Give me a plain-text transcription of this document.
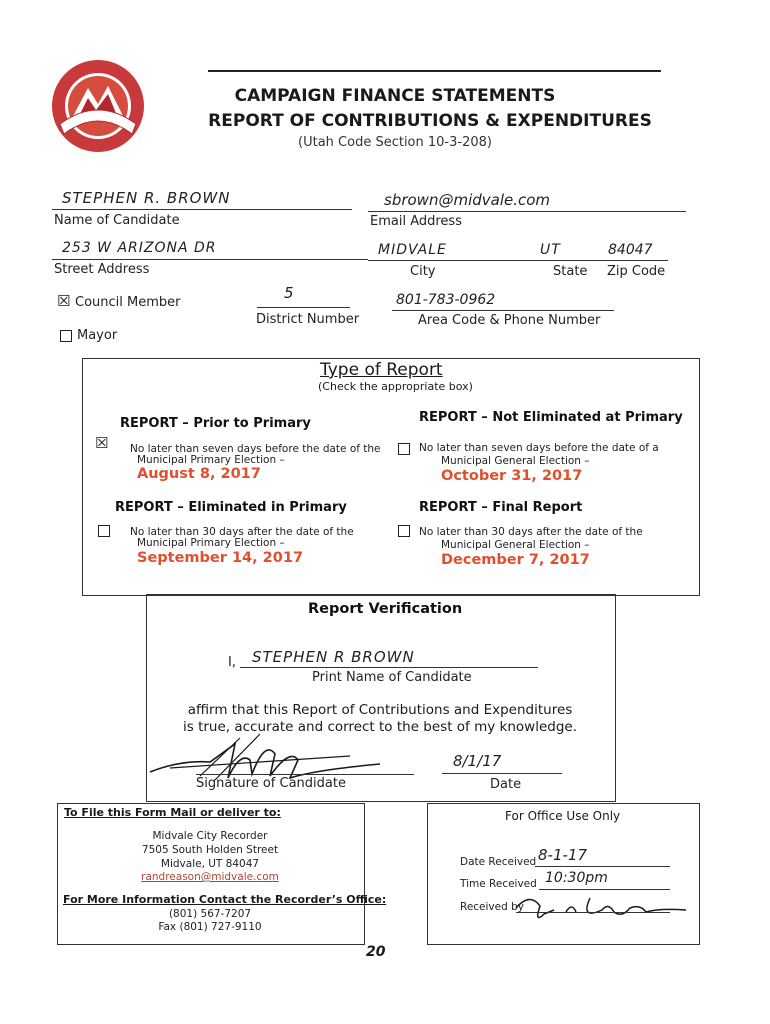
CAMPAIGN FINANCE STATEMENTS
REPORT OF CONTRIBUTIONS & EXPENDITURES
(Utah Code Section 10-3-208)
STEPHEN R. BROWN
Name of Candidate
sbrown@midvale.com
Email Address
253 W ARIZONA DR
Street Address
MIDVALE
City
UT
State
84047
Zip Code
☒ Council Member
Mayor
5
District Number
801-783-0962
Area Code & Phone Number
Type of Report
(Check the appropriate box)
REPORT – Prior to Primary
☒ No later than seven days before the date of the
Municipal Primary Election –
August 8, 2017
REPORT – Not Eliminated at Primary
No later than seven days before the date of a
Municipal General Election –
October 31, 2017
REPORT – Eliminated in Primary
No later than 30 days after the date of the
Municipal Primary Election –
September 14, 2017
REPORT – Final Report
No later than 30 days after the date of the
Municipal General Election –
December 7, 2017
Report Verification
I, STEPHEN R BROWN
Print Name of Candidate
affirm that this Report of Contributions and Expenditures
is true, accurate and correct to the best of my knowledge.
Signature of Candidate
8/1/17
Date
To File this Form Mail or deliver to:
Midvale City Recorder
7505 South Holden Street
Midvale, UT 84047
randreason@midvale.com
For More Information Contact the Recorder’s Office:
(801) 567-7207
Fax (801) 727-9110
For Office Use Only
Date Received 8-1-17
Time Received 10:30pm
Received by
20
